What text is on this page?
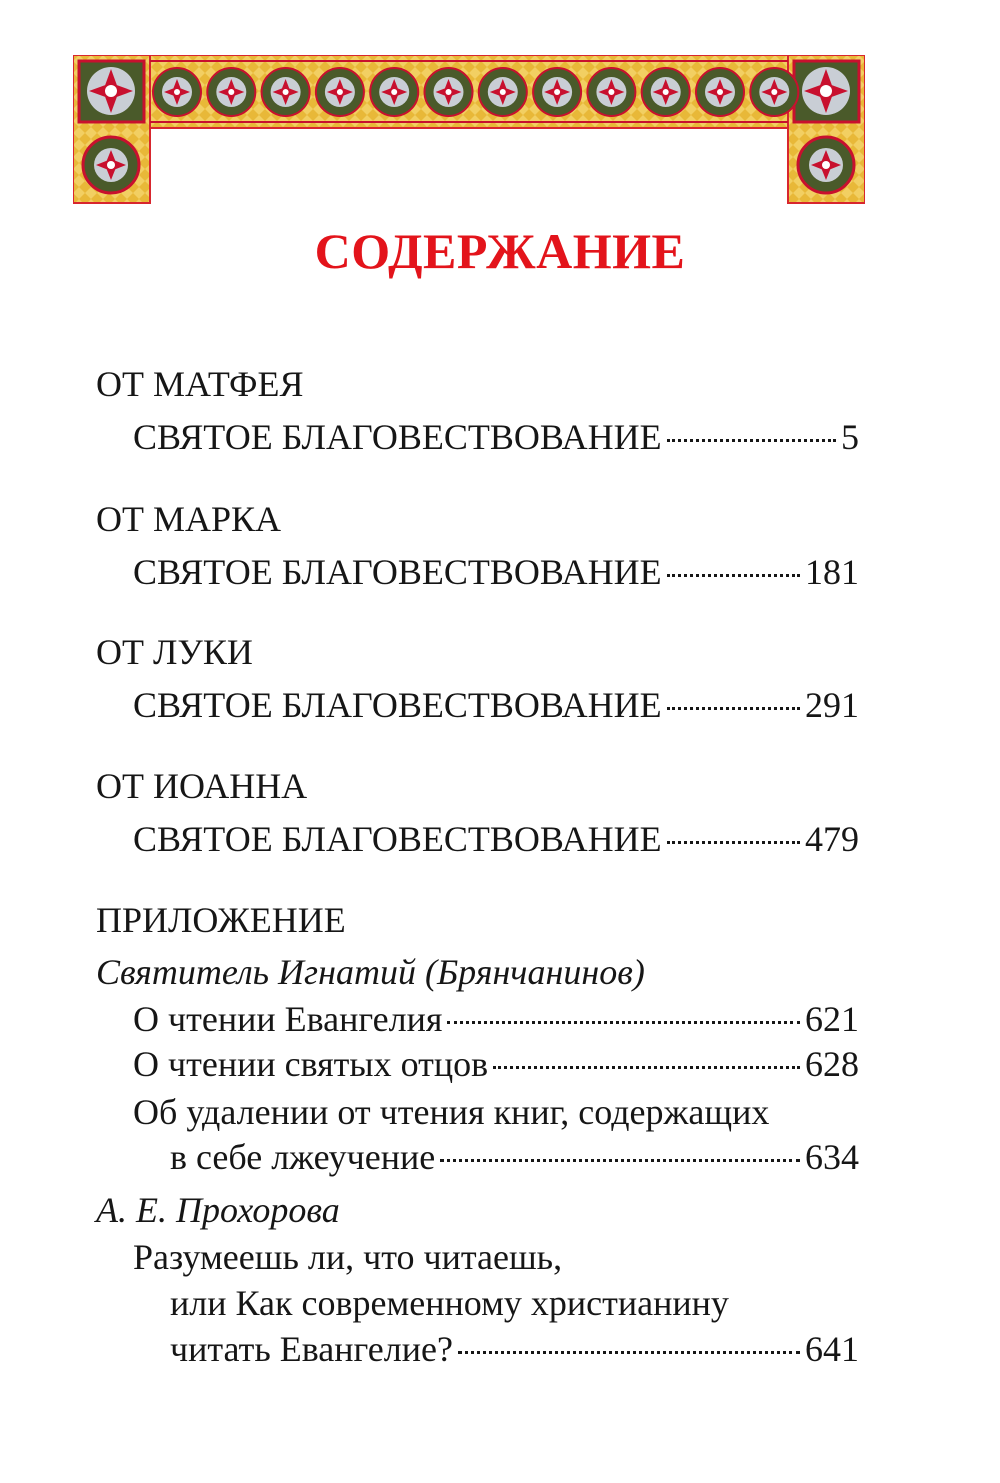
СОДЕРЖАНИЕ
ОТ МАТФЕЯ
СВЯТОЕ БЛАГОВЕСТВОВАНИЕ	5
ОТ МАРКА
СВЯТОЕ БЛАГОВЕСТВОВАНИЕ	181
ОТ ЛУКИ
СВЯТОЕ БЛАГОВЕСТВОВАНИЕ	291
ОТ ИОАННА
СВЯТОЕ БЛАГОВЕСТВОВАНИЕ	479
ПРИЛОЖЕНИЕ
Святитель Игнатий (Брянчанинов)
О чтении Евангелия	621
О чтении святых отцов	628
Об удалении от чтения книг, содержащих
в себе лжеучение	634
А. Е. Прохорова
Разумеешь ли, что читаешь,
или Как современному христианину
читать Евангелие?	641
